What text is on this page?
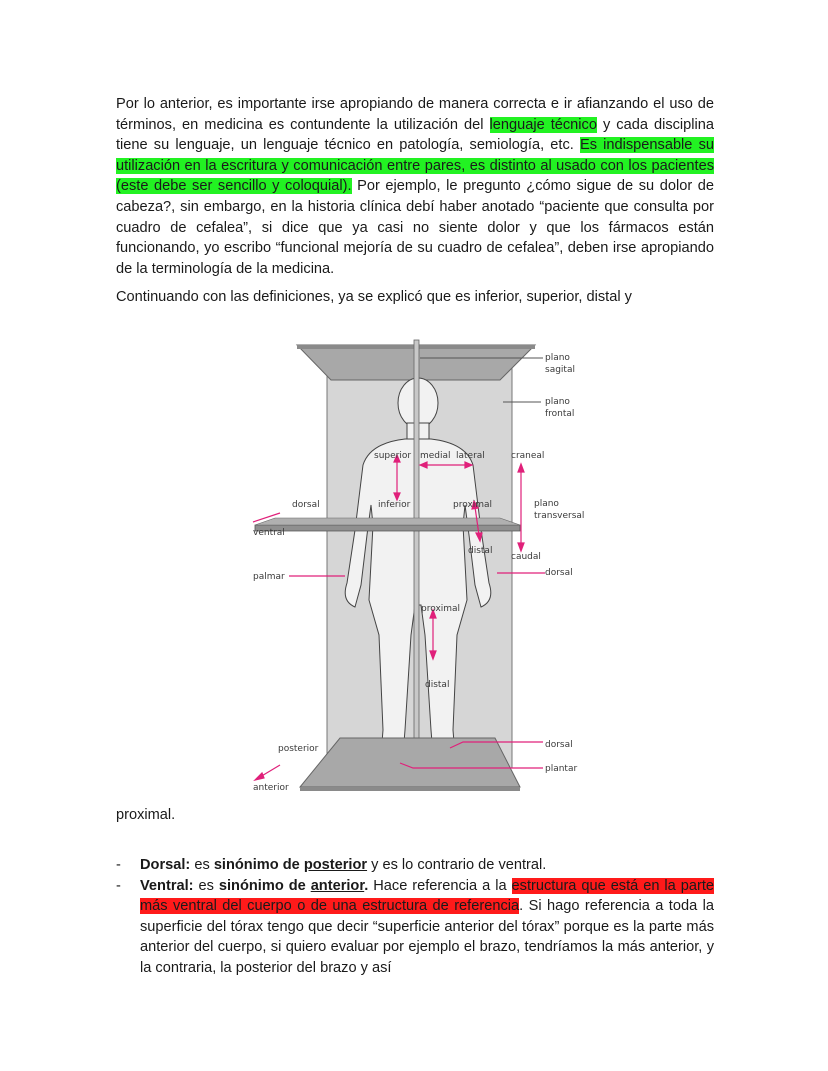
Por lo anterior, es importante irse apropiando de manera correcta e ir afianzando el uso de términos, en medicina es contundente la utilización del lenguaje técnico y cada disciplina tiene su lenguaje, un lenguaje técnico en patología, semiología, etc. Es indispensable su utilización en la escritura y comunicación entre pares, es distinto al usado con los pacientes (este debe ser sencillo y coloquial). Por ejemplo, le pregunto ¿cómo sigue de su dolor de cabeza?, sin embargo, en la historia clínica debí haber anotado “paciente que consulta por cuadro de cefalea”, si dice que ya casi no siente dolor y que los fármacos están funcionando, yo escribo “funcional mejoría de su cuadro de cefalea”, deben irse apropiando de la terminología de la medicina.

Continuando con las definiciones, ya se explicó que es inferior, superior, distal y

plano
sagital
plano
frontal
superior medial lateral	craneal
dorsal
ventral
inferior	proximal	plano
transversal
distal
caudal
palmar	dorsal
proximal
distal
posterior
anterior
dorsal
plantar

proximal.

- Dorsal: es sinónimo de posterior y es lo contrario de ventral.
- Ventral: es sinónimo de anterior. Hace referencia a la estructura que está en la parte más ventral del cuerpo o de una estructura de referencia. Si hago referencia a toda la superficie del tórax tengo que decir “superficie anterior del tórax” porque es la parte más anterior del cuerpo, si quiero evaluar por ejemplo el brazo, tendríamos la más anterior, y la contraria, la posterior del brazo y así
